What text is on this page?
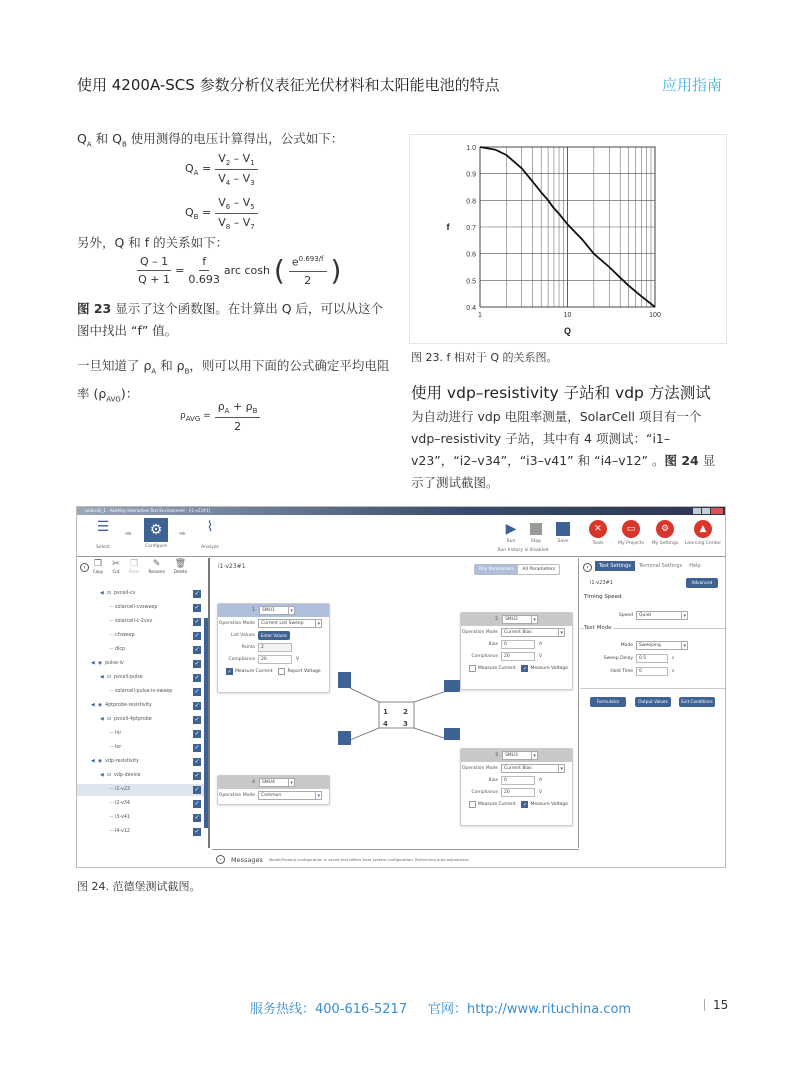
使用 4200A-SCS 参数分析仪表征光伏材料和太阳能电池的特点	应用指南
$Q_A$ 和 $Q_B$ 使用测得的电压计算得出，公式如下：
$Q_A = \frac{V_2 - V_1}{V_4 - V_3}$
$Q_B = \frac{V_6 - V_5}{V_8 - V_7}$
另外，Q 和 f 的关系如下：
$\frac{Q - 1}{Q + 1} = \frac{f}{0.693}$ arc cosh ( $\frac{e^{0.693/f}}{2}$ )
图 23 显示了这个函数图。在计算出 Q 后，可以从这个图中找出 “f” 值。
一旦知道了 $\rho_A$ 和 $\rho_B$，则可以用下面的公式确定平均电阻率 $(\rho_{AVG})$：
$\rho_{AVG} = \frac{\rho_A + \rho_B}{2}$
0.4
0.5
0.6
0.7
0.8
0.9
1.0
1	10	100
Q
f
图 23. f 相对于 Q 的关系图。
使用 vdp–resistivity 子站和 vdp 方法测试
为自动进行 vdp 电阻率测量，SolarCell 项目有一个 vdp–resistivity 子站，其中有 4 项测试：“i1–v23”，“i2–v34”，“i3–v41” 和 “i4–v12” 。图 24 显示了测试截图。
solarcell_1 - Keithley Interactive Test Environment - [i1-v23#1]
☰
Select
➡	⚙
Configure
➡	⌇
Analyze
▶
Run	Stop	Save
Run history is disabled
✕
Tools
▭
My Projects
⚙
My Settings
▲
Learning Center
‹ ❐
Copy
✂
Cut
❐
Paste
✎
Rename
🗑
Delete
◀ ⊡ pvcell-cv	✓
— solarcell-cvsweep	✓
— solarcell-c-2vsv	✓
— cfsweep	✓
— dlcp	✓
◀ ◉ pulse-iv	✓
◀ ⊡ pvcell-pulse	✓
— solarcell-pulse-iv-sweep	✓
◀ ◉ 4ptprobe-resistivity	✓
◀ ⊡ pvcell-4ptprobe	✓
— hir	✓
— lor	✓
◀ ◉ vdp-resistivity	✓
◀ ⊡ vdp-device	✓
— i1-v23	✓
— i2-v34	✓
— i3-v41	✓
— i4-v12	✓
i1-v23#1	Key Parameters	All Parameters
1	SMU1 ▾
Operation Mode	Current List Sweep ▾
List Values	Enter Values
Points	2
Compliance	20	V
✓ Measure Current	Report Voltage
2	SMU2 ▾
Operation Mode	Current Bias ▾
Bias	0	A
Compliance	20	V
Measure Current ✓ Measure Voltage
1 2
3
4
4	SMU4 ▾
Operation Mode	Common ▾
3	SMU3 ▾
Operation Mode	Current Bias ▾
Bias	0	A
Compliance	20	V
Measure Current ✓ Measure Voltage
›	Test Settings	Terminal Settings Help
i1-v23#1	Advanced
Timing Speed
Speed	Quiet ▾
Test Mode
Mode	Sweeping ▾
Sweep Delay	0.5	s
Hold Time	0	s
Formulator	Output Values	Exit Conditions
⌄	Messages Model/Preamp configuration in saved test differs from system configuration. Performing auto adjustment.
图 24. 范德堡测试截图。
服务热线：400-616-5217 官网：http://www.rituchina.com	15
